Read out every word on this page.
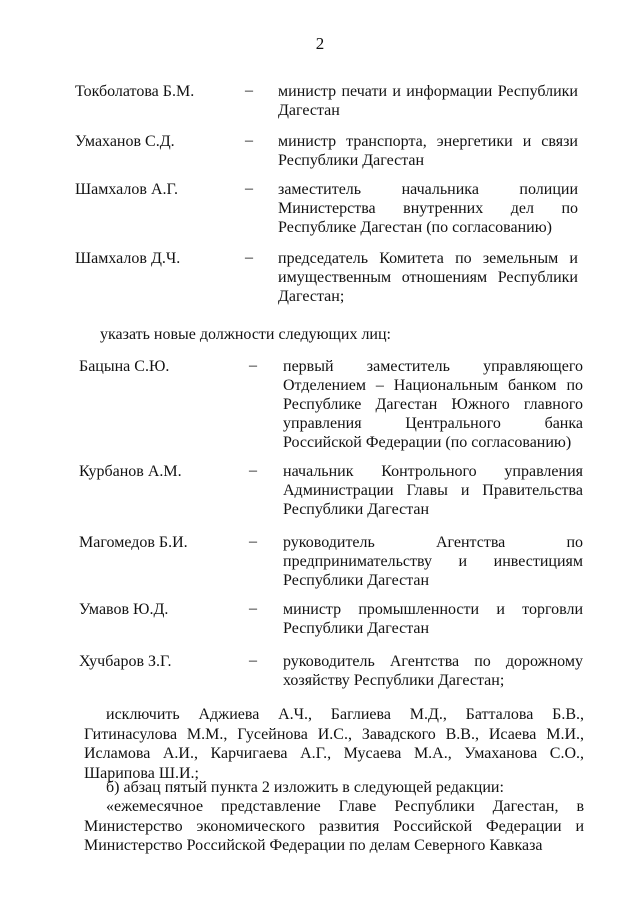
2
Токболатова Б.М.	– министр печати и информации Республики Дагестан
Умаханов С.Д.	– министр транспорта, энергетики и связи Республики Дагестан
Шамхалов А.Г.	– заместитель начальника полиции Министерства внутренних дел по Республике Дагестан (по согласованию)
Шамхалов Д.Ч.	– председатель Комитета по земельным и имущественным отношениям Республики Дагестан;
указать новые должности следующих лиц:
Бацына С.Ю.	– первый заместитель управляющего Отделением – Национальным банком по Республике Дагестан Южного главного управления Центрального банка Российской Федерации (по согласованию)
Курбанов А.М.	– начальник Контрольного управления Администрации Главы и Правительства Республики Дагестан
Магомедов Б.И.	– руководитель Агентства по предпринимательству и инвестициям Республики Дагестан
Умавов Ю.Д.	– министр промышленности и торговли Республики Дагестан
Хучбаров З.Г.	– руководитель Агентства по дорожному хозяйству Республики Дагестан;
исключить Аджиева А.Ч., Баглиева М.Д., Батталова Б.В., Гитинасулова М.М., Гусейнова И.С., Завадского В.В., Исаева М.И., Исламова А.И., Карчигаева А.Г., Мусаева М.А., Умаханова С.О., Шарипова Ш.И.;
б) абзац пятый пункта 2 изложить в следующей редакции:
«ежемесячное представление Главе Республики Дагестан, в Министерство экономического развития Российской Федерации и Министерство Российской Федерации по делам Северного Кавказа
